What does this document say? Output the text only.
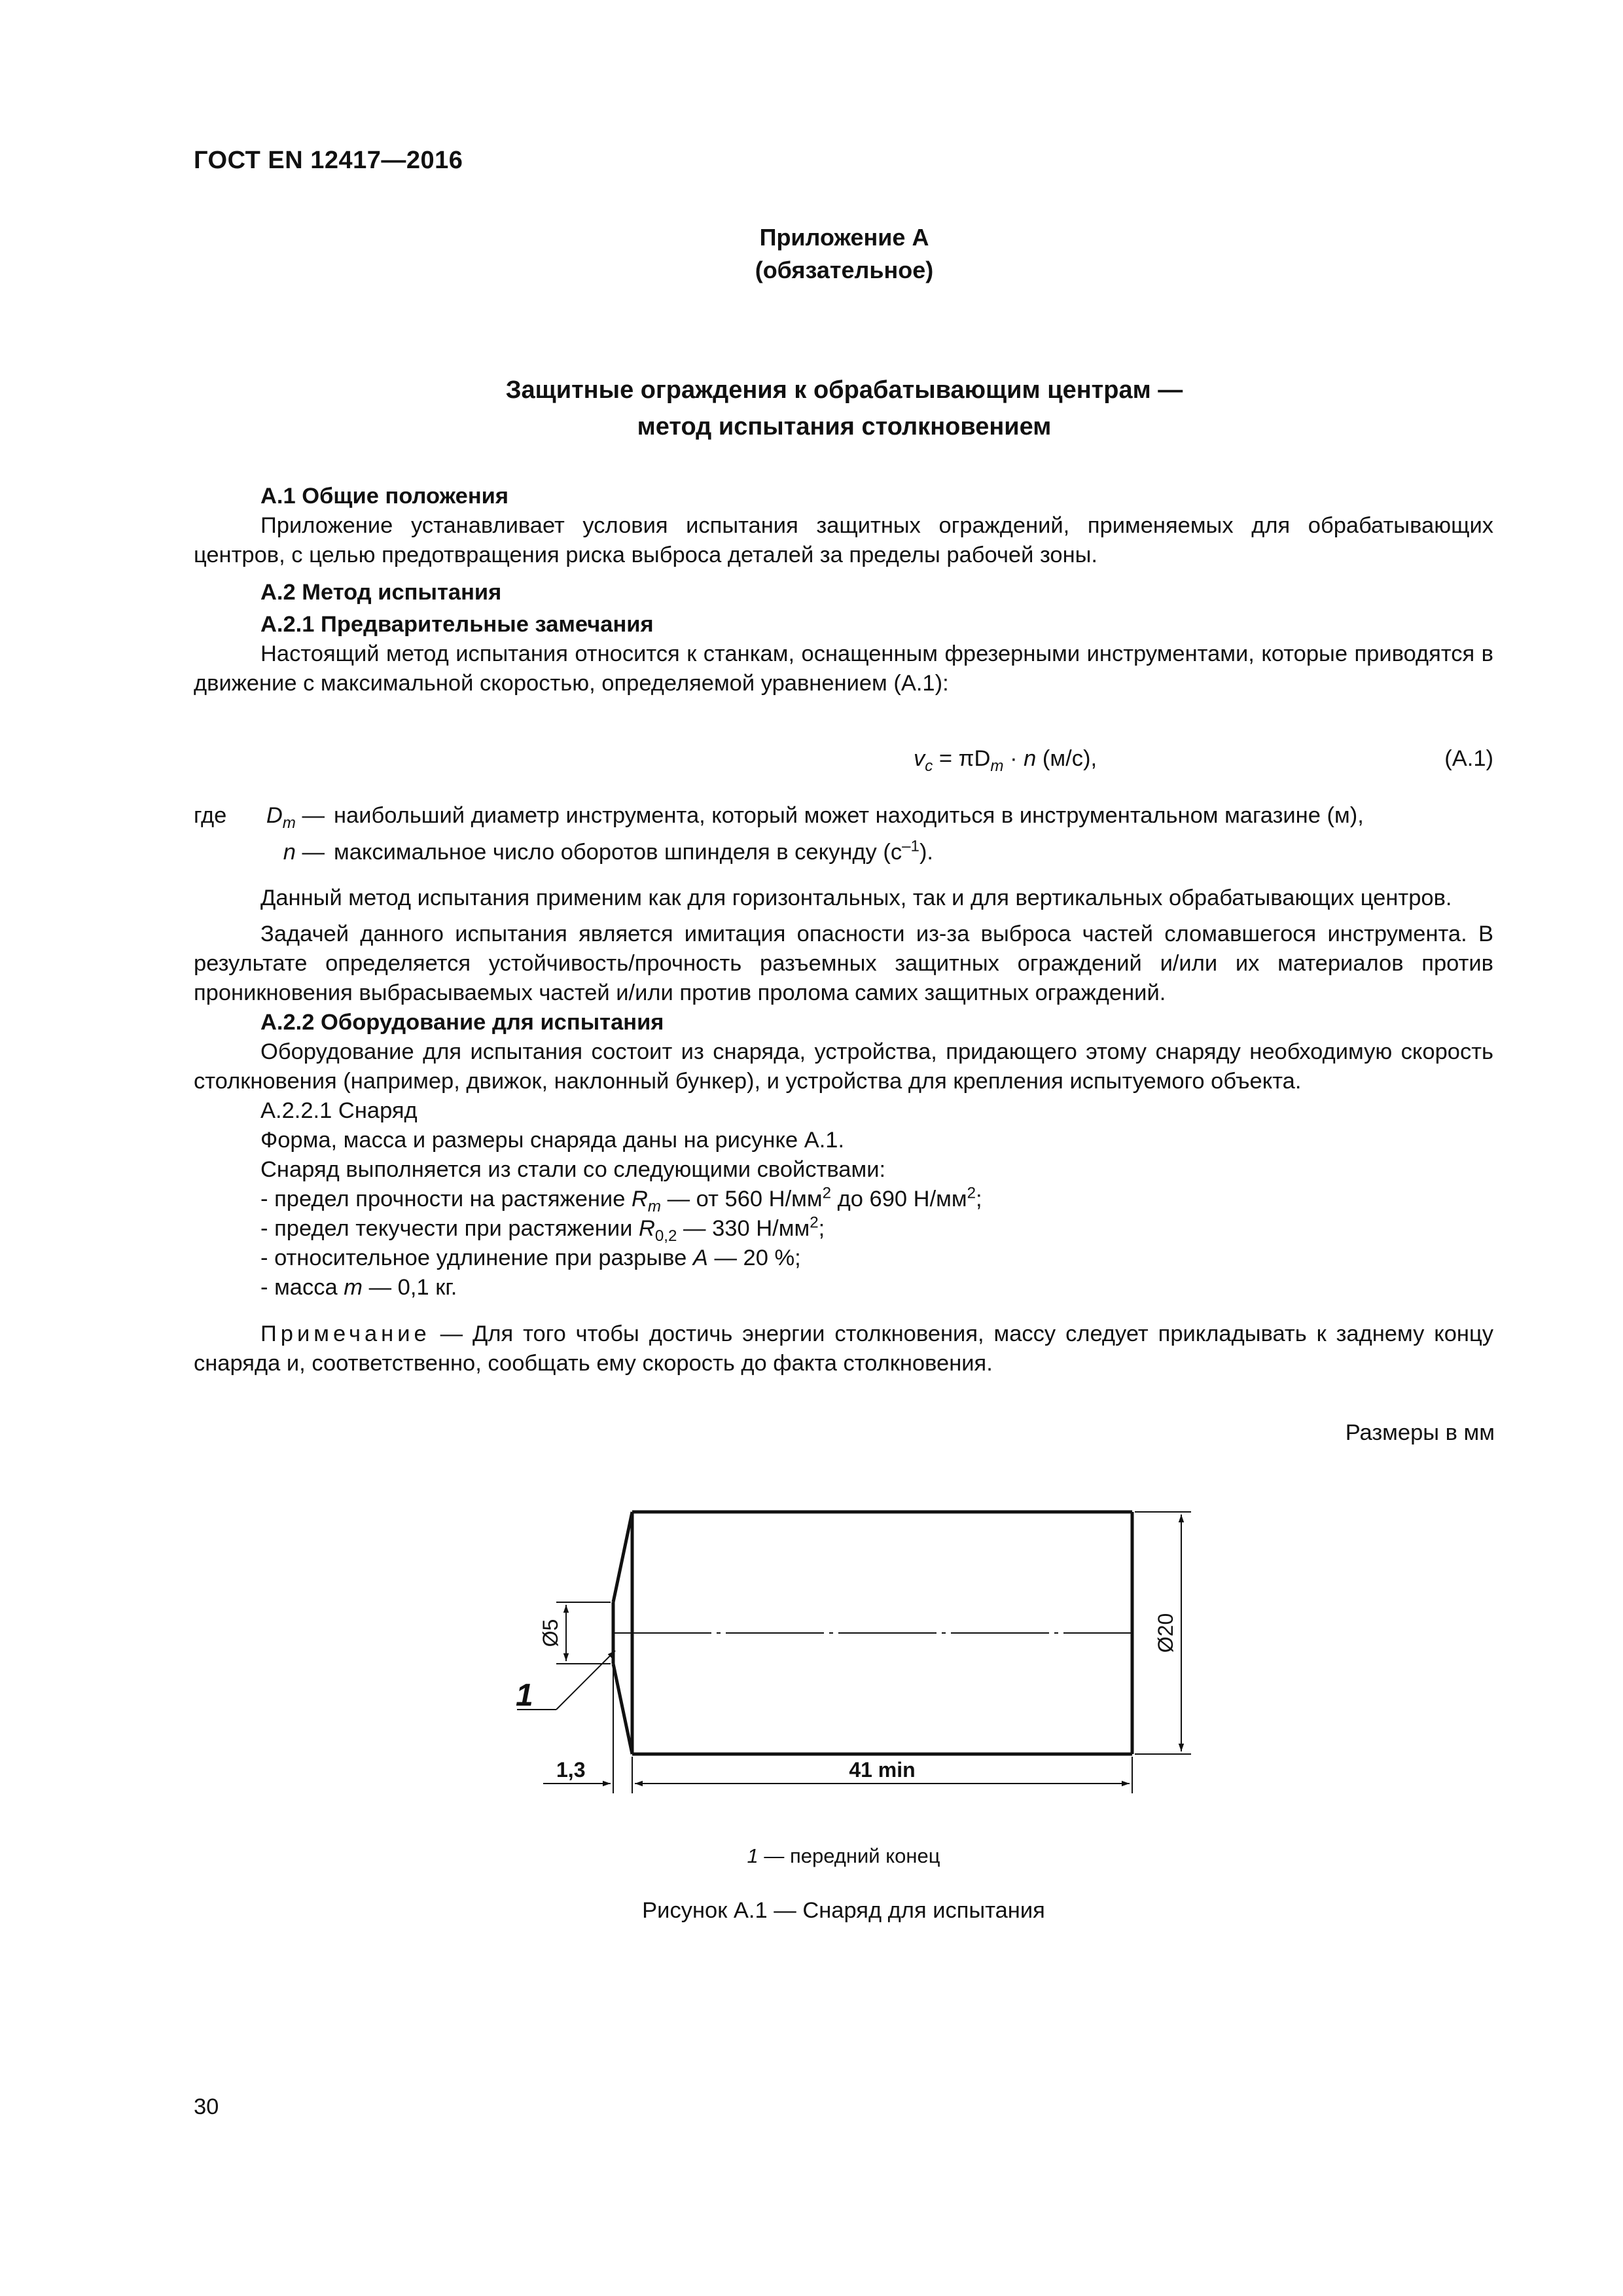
ГОСТ EN 12417—2016
Приложение А
(обязательное)
Защитные ограждения к обрабатывающим центрам —
метод испытания столкновением
А.1 Общие положения

Приложение устанавливает условия испытания защитных ограждений, применяемых для обрабатывающих центров, с целью предотвращения риска выброса деталей за пределы рабочей зоны.

А.2 Метод испытания
А.2.1 Предварительные замечания

Настоящий метод испытания относится к станкам, оснащенным фрезерными инструментами, которые приводятся в движение с максимальной скоростью, определяемой уравнением (А.1):

$v_c = \pi D_m \cdot n$ (м/с),	(А.1)
где	$D_m$ — наибольший диаметр инструмента, который может находиться в инструментальном магазине (м),
n — максимальное число оборотов шпинделя в секунду $(с^{-1})$.

Данный метод испытания применим как для горизонтальных, так и для вертикальных обрабатывающих центров.

Задачей данного испытания является имитация опасности из-за выброса частей сломавшегося инструмента. В результате определяется устойчивость/прочность разъемных защитных ограждений и/или их материалов против проникновения выбрасываемых частей и/или против пролома самих защитных ограждений.

А.2.2 Оборудование для испытания

Оборудование для испытания состоит из снаряда, устройства, придающего этому снаряду необходимую скорость столкновения (например, движок, наклонный бункер), и устройства для крепления испытуемого объекта.

А.2.2.1 Снаряд

Форма, масса и размеры снаряда даны на рисунке А.1.

Снаряд выполняется из стали со следующими свойствами:

- предел прочности на растяжение $R_m$ — от 560 $Н/мм^2$ до 690 $Н/мм^2$;

- предел текучести при растяжении $R_{0,2}$ — 330 $Н/мм^2$;

- относительное удлинение при разрыве A — 20 %;

- масса m — 0,1 кг.

Примечание — Для того чтобы достичь энергии столкновения, массу следует прикладывать к заднему концу снаряда и, соответственно, сообщать ему скорость до факта столкновения.

Размеры в мм
Ø20
Ø5
1
1,3	41 min
1 — передний конец
Рисунок А.1 — Снаряд для испытания
30
